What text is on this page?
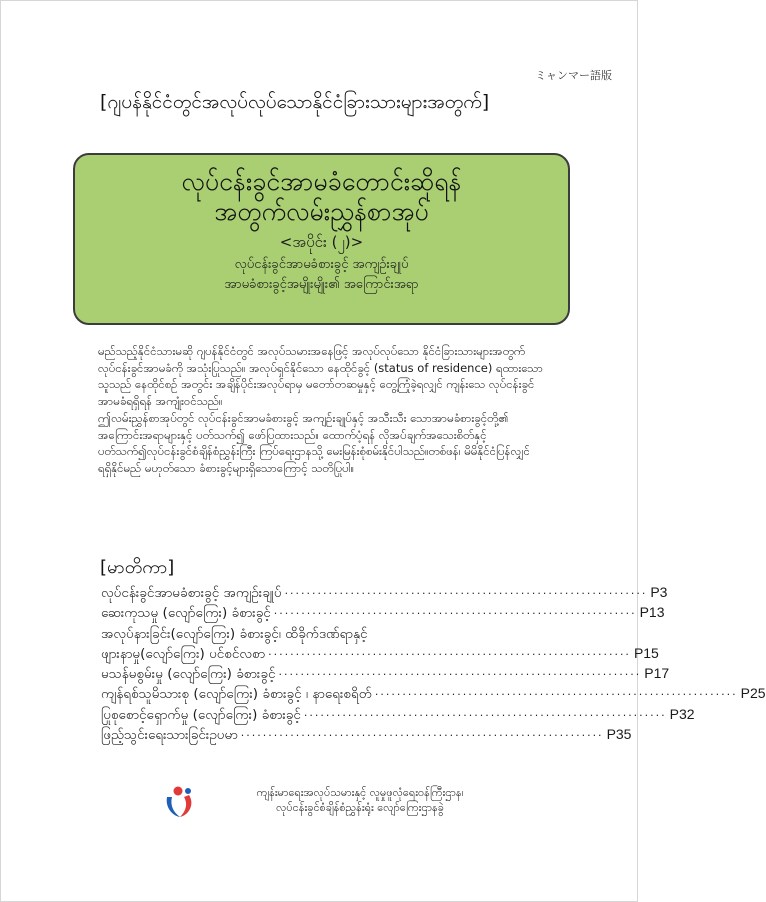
ミャンマー語版
[ဂျပန်နိုင်ငံတွင်အလုပ်လုပ်သောနိုင်ငံခြားသားများအတွက်]
လုပ်ငန်းခွင်အာမခံတောင်းဆိုရန်
အတွက်လမ်းညွှန်စာအုပ်
<အပိုင်း (၂)>
လုပ်ငန်းခွင်အာမခံစားခွင့် အကျဉ်းချုပ်
အာမခံစားခွင့်အမျိုးမျိုး၏ အကြောင်းအရာ

မည်သည့်နိုင်ငံသားမဆို ဂျပန်နိုင်ငံတွင် အလုပ်သမားအနေဖြင့် အလုပ်လုပ်သော နိုင်ငံခြားသားများအတွက် လုပ်ငန်းခွင်အာမခံကို အသုံးပြုသည်။ အလုပ်ရှင်နိုင်သော နေထိုင်ခွင့် (status of residence) ရထားသောသူသည် နေထိုင်စဉ် အတွင်း အချိန်ပိုင်းအလုပ်ရာမှ မတော်တဆမှုနှင့် တွေ့ကြုံခဲ့ရလျှင် ကျန်းသေ လုပ်ငန်းခွင်အာမခံရရှိရန် အကျုံးဝင်သည်။

ဤလမ်းညွှန်စာအုပ်တွင် လုပ်ငန်းခွင်အာမခံစားခွင့် အကျဉ်းချုပ်နှင့် အသီးသီး သောအာမခံစားခွင့်တို့၏ အကြောင်းအရာများနှင့် ပတ်သက်၍ ဖော်ပြထားသည်။ ထောက်ပံ့ရန် လိုအပ်ချက်အသေးစိတ်နှင့်ပတ်သက်၍လုပ်ငန်းခွင်စံချိန်စံညွှန်းကြီး ကြပ်ရေးဌာနသို့ မေးမြန်းစုံစမ်းနိုင်ပါသည်။တစ်ဖန်၊ မိမိနိုင်ငံပြန်လျှင် ရရှိနိုင်မည် မဟုတ်သော ခံစားခွင့်များရှိသောကြောင့် သတိပြုပါ။

[မာတိကာ]
လုပ်ငန်းခွင်အာမခံစားခွင့် အကျဉ်းချုပ် ·································································· P3
ဆေးကုသမှု (လျော်ကြေး) ခံစားခွင့် ·································································· P13
အလုပ်နားခြင်း(လျော်ကြေး) ခံစားခွင့်၊ ထိခိုက်ဒဏ်ရာနှင့်
ဖျားနာမှု(လျော်ကြေး) ပင်စင်လစာ ·································································· P15
မသန်မစွမ်းမှု (လျော်ကြေး) ခံစားခွင့် ·································································· P17
ကျန်ရစ်သူမိသားစု (လျော်ကြေး) ခံစားခွင့် ၊ နာရေးစရိတ် ·································································· P25
ပြုစုစောင့်ရှောက်မှု (လျော်ကြေး) ခံစားခွင့် ·································································· P32
ဖြည့်သွင်းရေးသားခြင်းဥပမာ ·································································· P35
ကျန်းမာရေးအလုပ်သမားနှင့် လူမှုဖူလုံရေးဝန်ကြီးဌာန၊
လုပ်ငန်းခွင်စံချိန်စံညွှန်းရုံး လျော်ကြေးဌာနခွဲ
